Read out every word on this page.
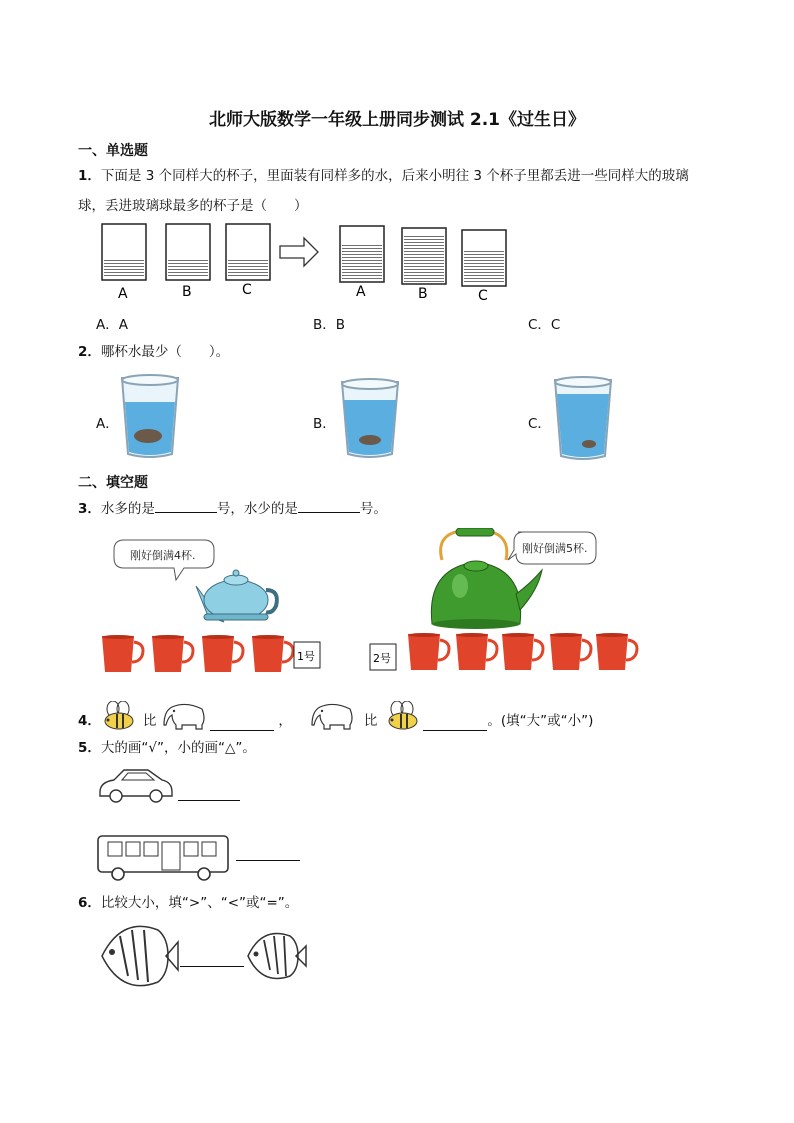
北师大版数学一年级上册同步测试 2.1《过生日》
一、单选题
1．下面是 3 个同样大的杯子，里面装有同样多的水，后来小明往 3 个杯子里都丢进一些同样大的玻璃
球，丢进玻璃球最多的杯子是（　　）
A	B	C	A	B	C
A．A	B．B	C．C
2．哪杯水最少（　　）。
A．	B．	C．
二、填空题
3．水多的是	号，水少的是	号。
刚好倒满4杯.
刚好倒满5杯.
1号	2号
4．	比	，	比	。(填“大”或“小”)
5．大的画“√”，小的画“△”。
6．比较大小，填“>”、“<”或“=”。
